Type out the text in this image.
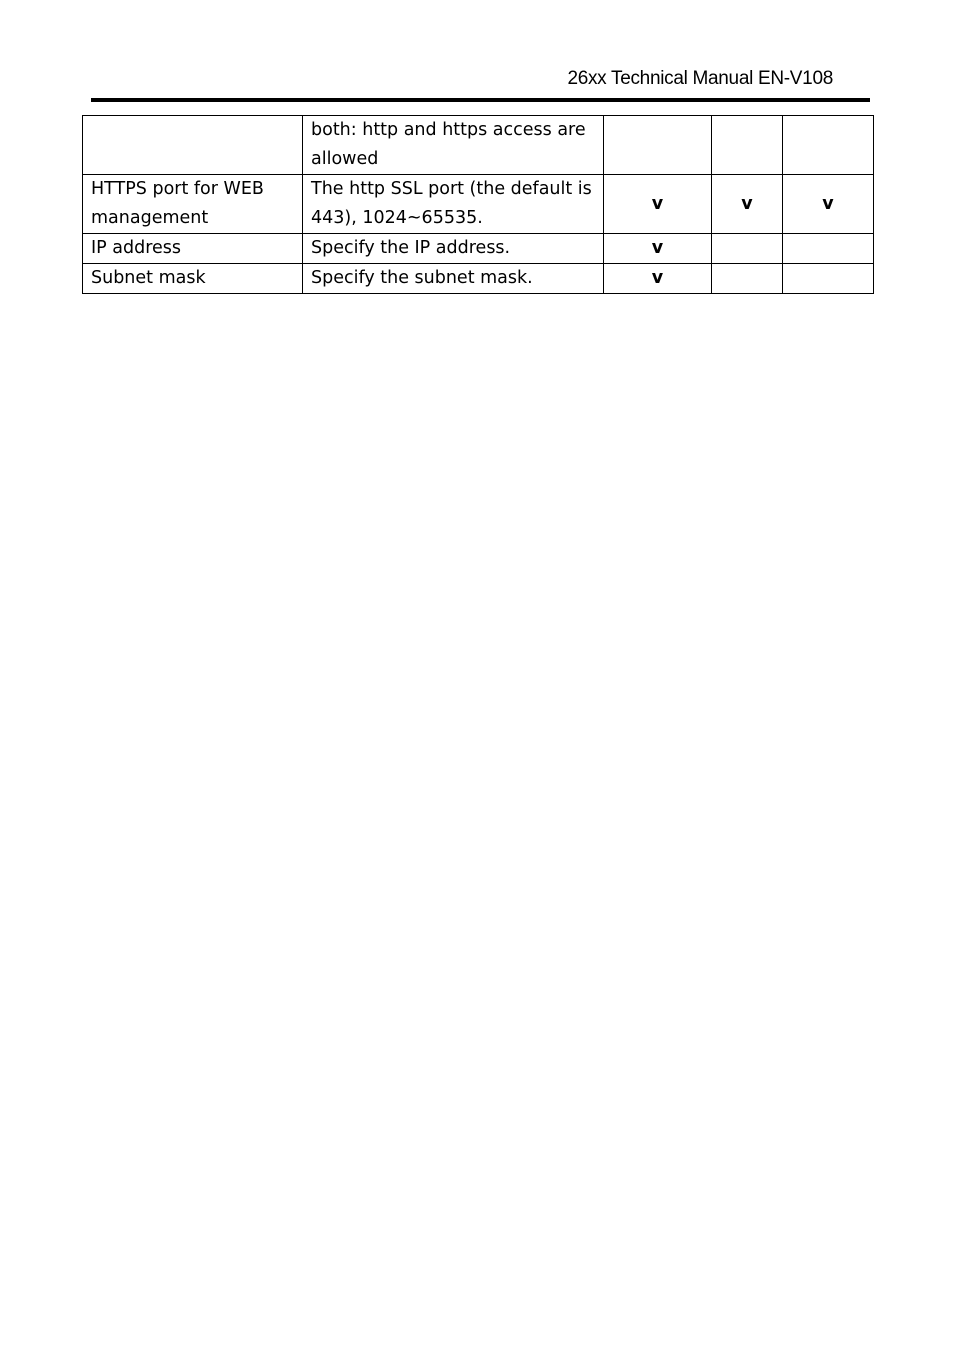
26xx Technical Manual EN-V108
	both: http and https access are allowed			
HTTPS port for WEB management	The http SSL port (the default is 443), 1024~65535.	v	v	v
IP address	Specify the IP address.	v		
Subnet mask	Specify the subnet mask.	v		
